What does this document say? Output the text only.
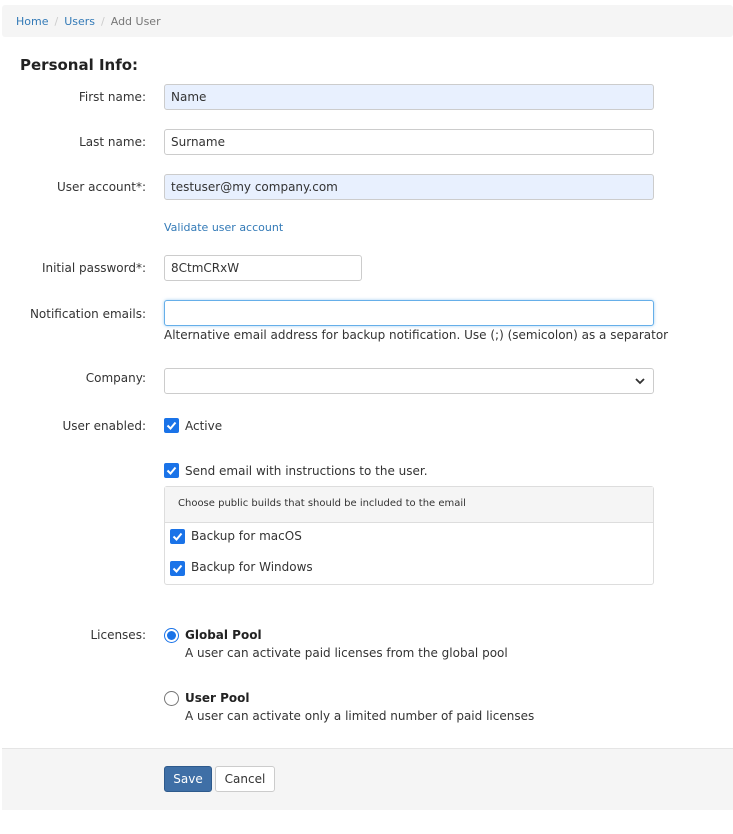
Home / Users / Add User
Personal Info:
First name:
Name
Last name:
Surname
User account*:
testuser@my company.com
Validate user account
Initial password*:
8CtmCRxW
Notification emails:
Alternative email address for backup notification. Use (;) (semicolon) as a separator
Company:
User enabled:	Active
Send email with instructions to the user.
Choose public builds that should be included to the email
Backup for macOS
Backup for Windows
Licenses:	Global Pool
A user can activate paid licenses from the global pool
User Pool
A user can activate only a limited number of paid licenses
Save	Cancel
